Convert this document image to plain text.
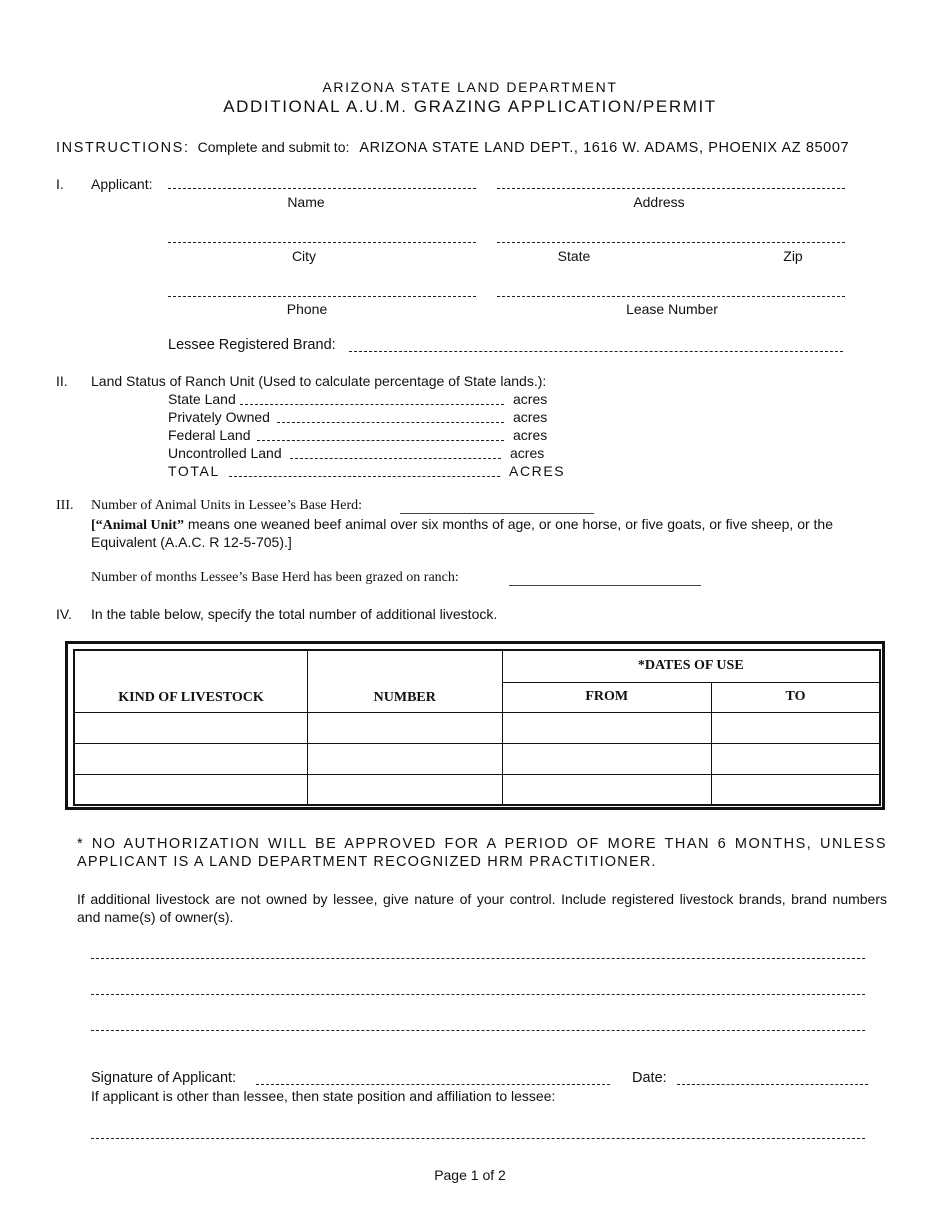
ARIZONA STATE LAND DEPARTMENT
ADDITIONAL A.U.M. GRAZING APPLICATION/PERMIT
INSTRUCTIONS: Complete and submit to: ARIZONA STATE LAND DEPT., 1616 W. ADAMS, PHOENIX AZ 85007
I. Applicant:
Name	Address
City	State	Zip
Phone	Lease Number
Lessee Registered Brand:
II. Land Status of Ranch Unit (Used to calculate percentage of State lands.):
State Land	acres
Privately Owned	acres
Federal Land	acres
Uncontrolled Land	acres
TOTAL	ACRES
III. Number of Animal Units in Lessee’s Base Herd:
[“Animal Unit” means one weaned beef animal over six months of age, or one horse, or five goats, or five sheep, or the
Equivalent (A.A.C. R 12-5-705).]
Number of months Lessee’s Base Herd has been grazed on ranch:
IV. In the table below, specify the total number of additional livestock.
KIND OF LIVESTOCK	NUMBER	*DATES OF USE	
		FROM	TO

* NO AUTHORIZATION WILL BE APPROVED FOR A PERIOD OF MORE THAN 6 MONTHS, UNLESS
APPLICANT IS A LAND DEPARTMENT RECOGNIZED HRM PRACTITIONER.
If additional livestock are not owned by lessee, give nature of your control. Include registered livestock brands, brand numbers
and name(s) of owner(s).
Signature of Applicant:	Date:
If applicant is other than lessee, then state position and affiliation to lessee:
Page 1 of 2
